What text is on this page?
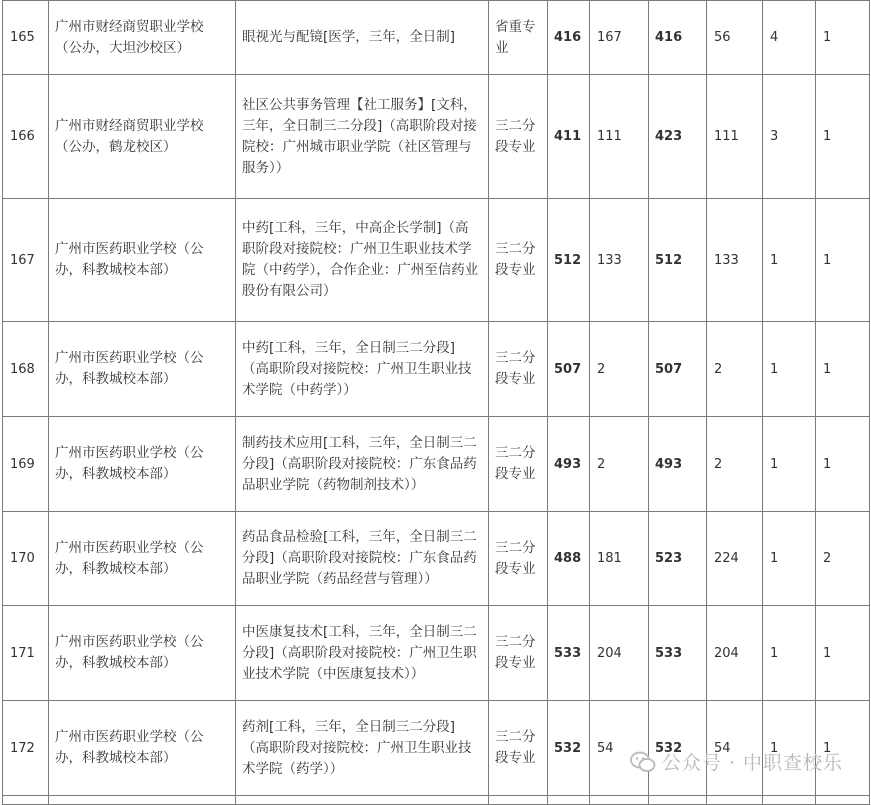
165	广州市财经商贸职业学校（公办，大坦沙校区）	眼视光与配镜[医学，三年，全日制]	省重专业	416	167	416	56	4	1
166	广州市财经商贸职业学校（公办，鹤龙校区）	社区公共事务管理【社工服务】[文科，三年，全日制三二分段]（高职阶段对接院校：广州城市职业学院（社区管理与服务））	三二分段专业	411	111	423	111	3	1
167	广州市医药职业学校（公办，科教城校本部）	中药[工科，三年，中高企长学制]（高职阶段对接院校：广州卫生职业技术学院（中药学），合作企业：广州至信药业股份有限公司）	三二分段专业	512	133	512	133	1	1
168	广州市医药职业学校（公办，科教城校本部）	中药[工科，三年，全日制三二分段]（高职阶段对接院校：广州卫生职业技术学院（中药学））	三二分段专业	507	2	507	2	1	1
169	广州市医药职业学校（公办，科教城校本部）	制药技术应用[工科，三年，全日制三二分段]（高职阶段对接院校：广东食品药品职业学院（药物制剂技术））	三二分段专业	493	2	493	2	1	1
170	广州市医药职业学校（公办，科教城校本部）	药品食品检验[工科，三年，全日制三二分段]（高职阶段对接院校：广东食品药品职业学院（药品经营与管理））	三二分段专业	488	181	523	224	1	2
171	广州市医药职业学校（公办，科教城校本部）	中医康复技术[工科，三年，全日制三二分段]（高职阶段对接院校：广州卫生职业技术学院（中医康复技术））	三二分段专业	533	204	533	204	1	1
172	广州市医药职业学校（公办，科教城校本部）	药剂[工科，三年，全日制三二分段]（高职阶段对接院校：广州卫生职业技术学院（药学））	三二分段专业	532	54	532	54	1	1

公众号 · 中职查校乐
